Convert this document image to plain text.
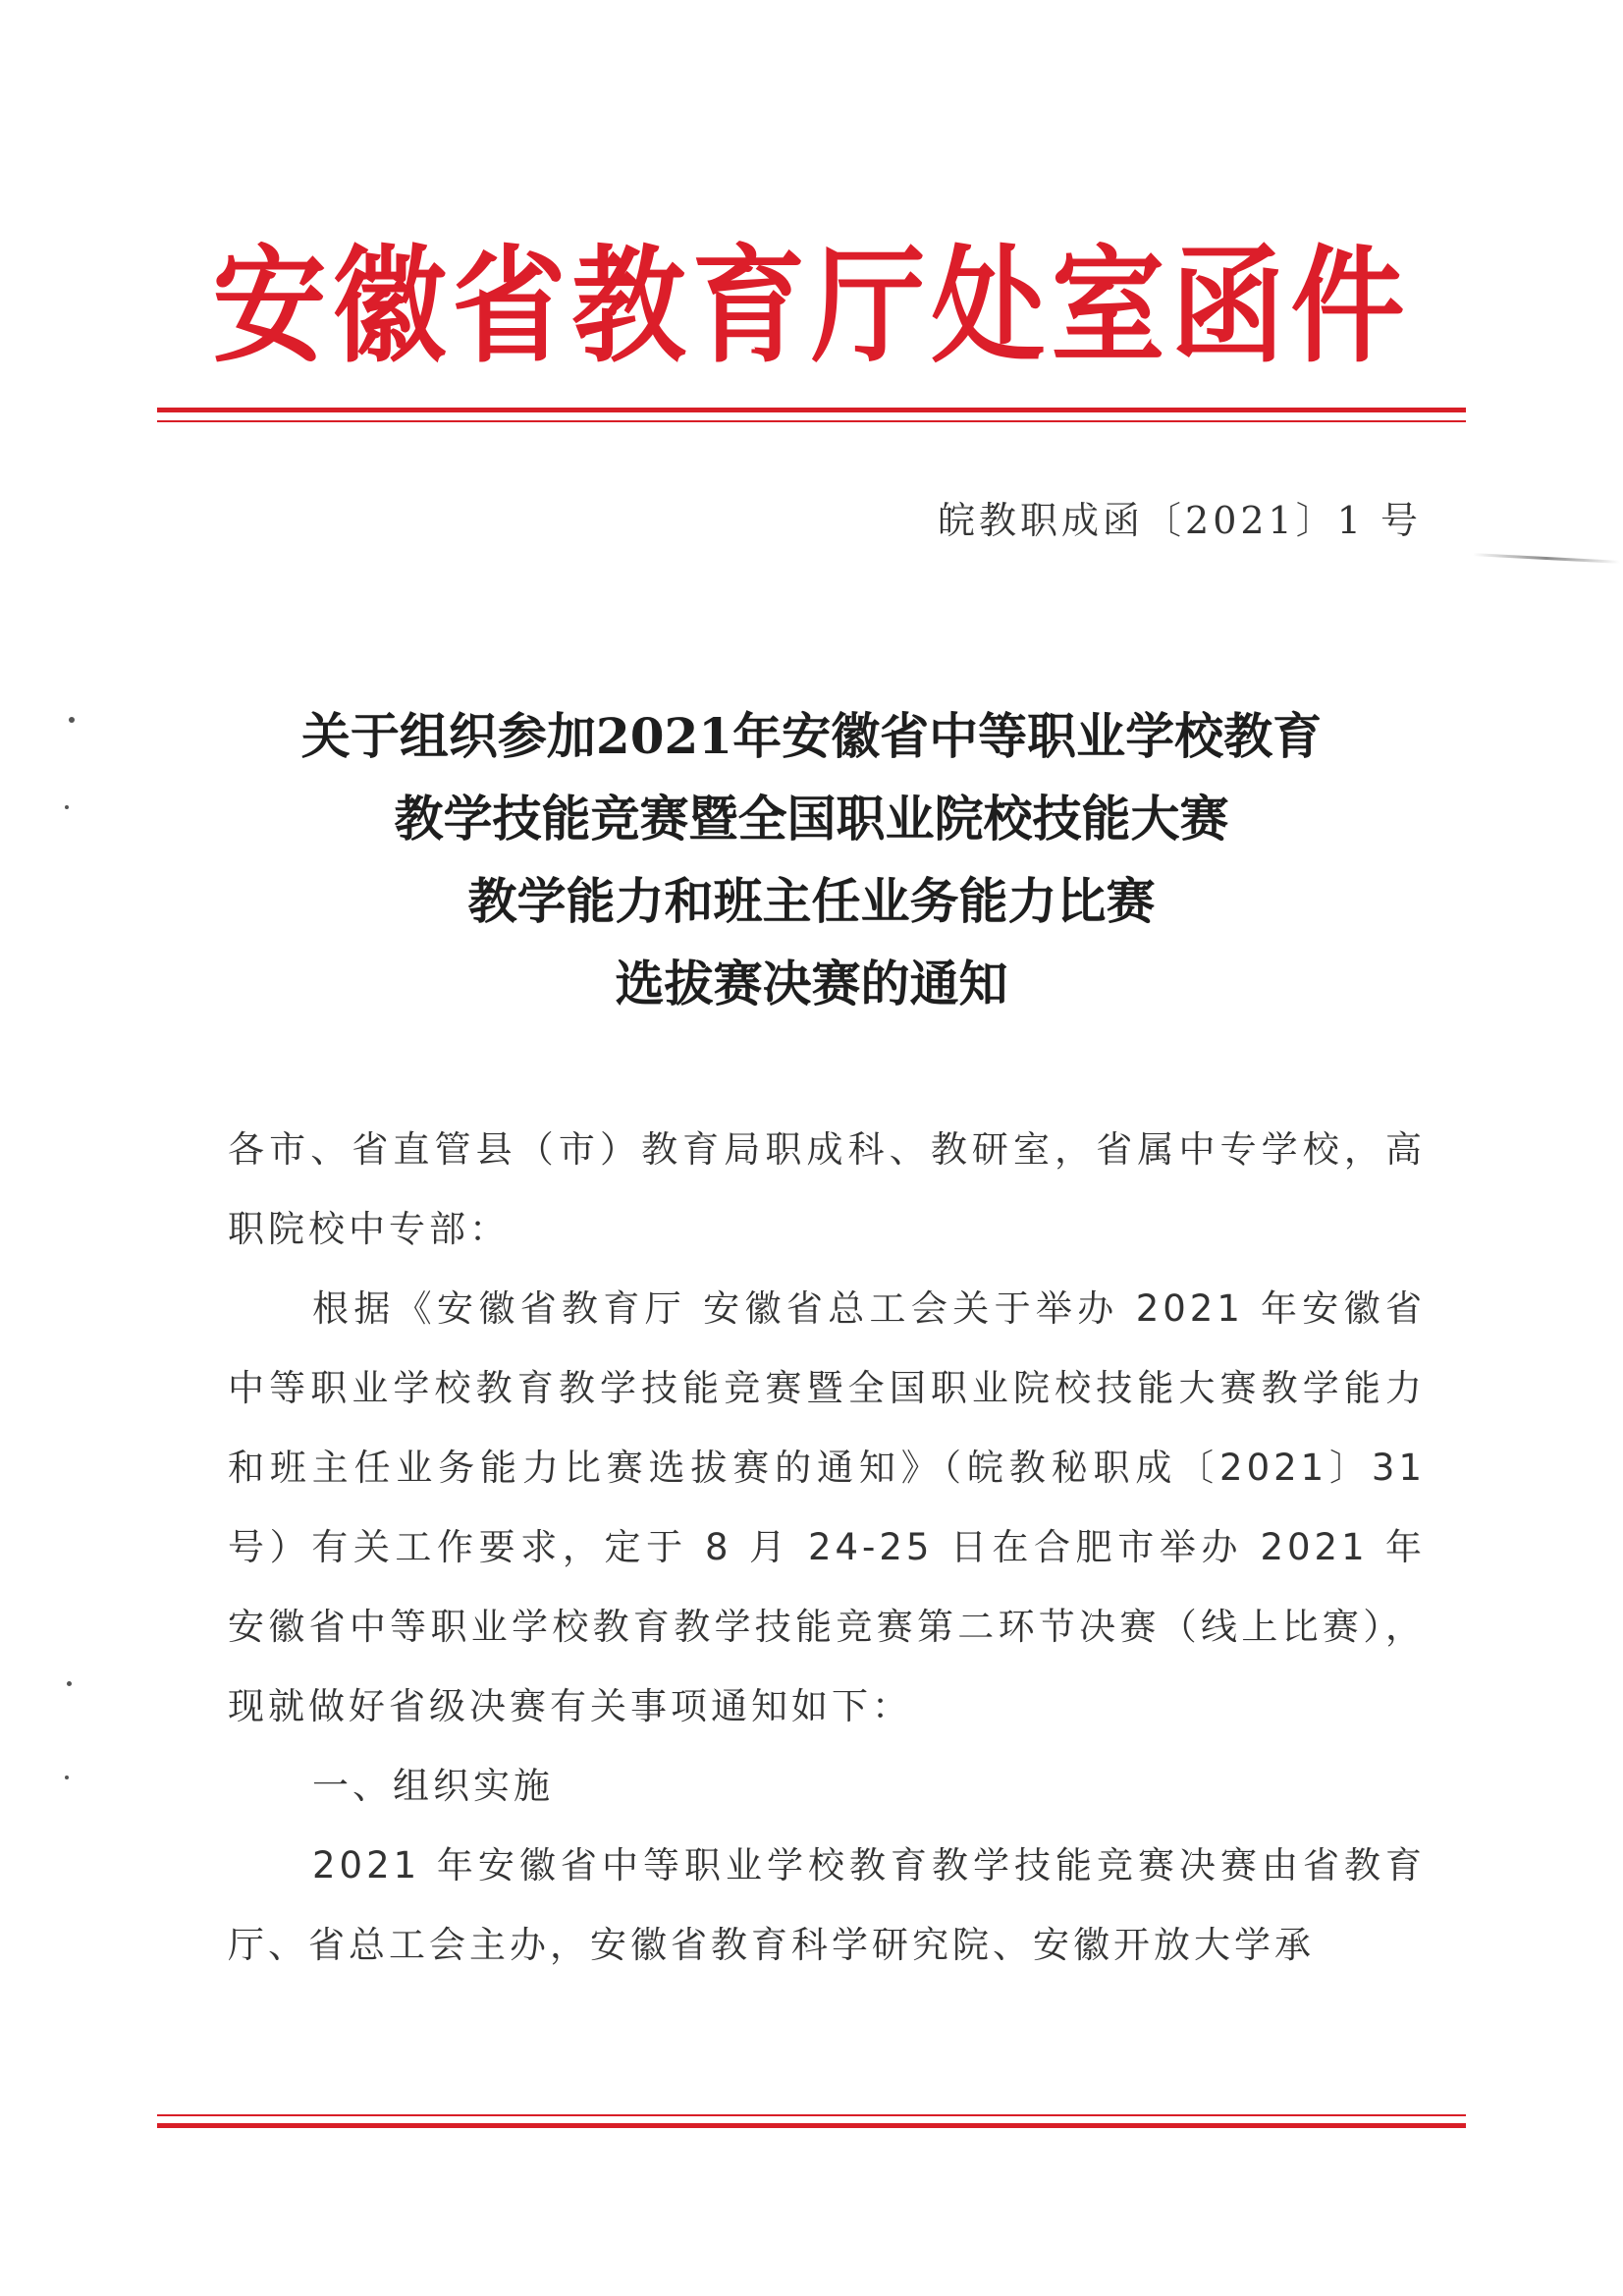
安徽省教育厅处室函件
皖教职成函〔2021〕1 号
关于组织参加2021年安徽省中等职业学校教育
教学技能竞赛暨全国职业院校技能大赛
教学能力和班主任业务能力比赛
选拔赛决赛的通知

各市、省直管县（市）教育局职成科、教研室，省属中专学校，高职院校中专部：

根据《安徽省教育厅 安徽省总工会关于举办 2021 年安徽省中等职业学校教育教学技能竞赛暨全国职业院校技能大赛教学能力和班主任业务能力比赛选拔赛的通知》（皖教秘职成〔2021〕31 号）有关工作要求，定于 8 月 24-25 日在合肥市举办 2021 年安徽省中等职业学校教育教学技能竞赛第二环节决赛（线上比赛），现就做好省级决赛有关事项通知如下：

一、组织实施

2021 年安徽省中等职业学校教育教学技能竞赛决赛由省教育厅、省总工会主办，安徽省教育科学研究院、安徽开放大学承
